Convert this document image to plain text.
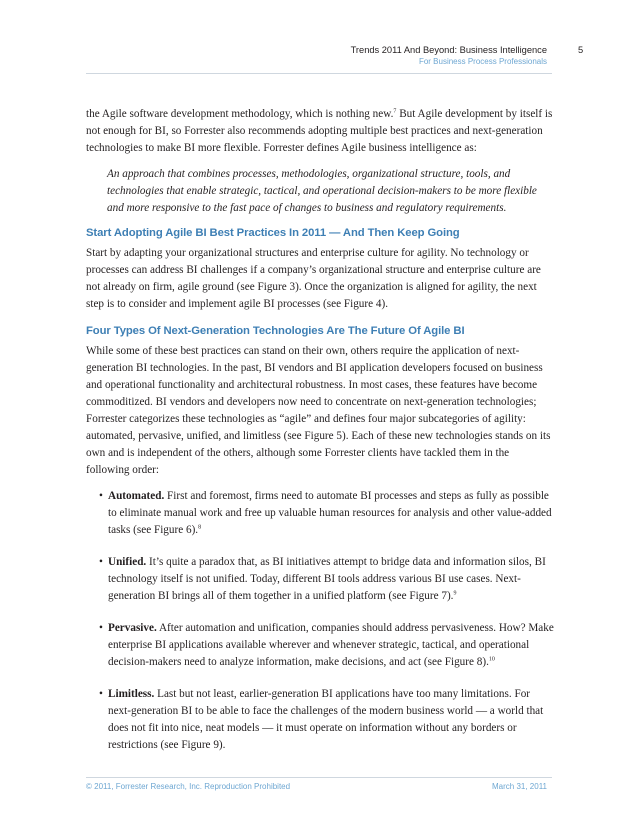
Trends 2011 And Beyond: Business Intelligence	5
For Business Process Professionals

the Agile software development methodology, which is nothing new.$^7$ But Agile development by itself is not enough for BI, so Forrester also recommends adopting multiple best practices and next-generation technologies to make BI more flexible. Forrester defines Agile business intelligence as:

An approach that combines processes, methodologies, organizational structure, tools, and technologies that enable strategic, tactical, and operational decision-makers to be more flexible and more responsive to the fast pace of changes to business and regulatory requirements.

Start Adopting Agile BI Best Practices In 2011 — And Then Keep Going

Start by adapting your organizational structures and enterprise culture for agility. No technology or processes can address BI challenges if a company’s organizational structure and enterprise culture are not already on firm, agile ground (see Figure 3). Once the organization is aligned for agility, the next step is to consider and implement agile BI processes (see Figure 4).

Four Types Of Next-Generation Technologies Are The Future Of Agile BI

While some of these best practices can stand on their own, others require the application of next-generation BI technologies. In the past, BI vendors and BI application developers focused on business and operational functionality and architectural robustness. In most cases, these features have become commoditized. BI vendors and developers now need to concentrate on next-generation technologies; Forrester categorizes these technologies as “agile” and defines four major subcategories of agility: automated, pervasive, unified, and limitless (see Figure 5). Each of these new technologies stands on its own and is independent of the others, although some Forrester clients have tackled them in the following order:

• Automated. First and foremost, firms need to automate BI processes and steps as fully as possible to eliminate manual work and free up valuable human resources for analysis and other value-added tasks (see Figure 6).$^8$
• Unified. It’s quite a paradox that, as BI initiatives attempt to bridge data and information silos, BI technology itself is not unified. Today, different BI tools address various BI use cases. Next-generation BI brings all of them together in a unified platform (see Figure 7).$^9$
• Pervasive. After automation and unification, companies should address pervasiveness. How? Make enterprise BI applications available wherever and whenever strategic, tactical, and operational decision-makers need to analyze information, make decisions, and act (see Figure 8).$^{10}$
• Limitless. Last but not least, earlier-generation BI applications have too many limitations. For next-generation BI to be able to face the challenges of the modern business world — a world that does not fit into nice, neat models — it must operate on information without any borders or restrictions (see Figure 9).
© 2011, Forrester Research, Inc. Reproduction Prohibited	March 31, 2011
